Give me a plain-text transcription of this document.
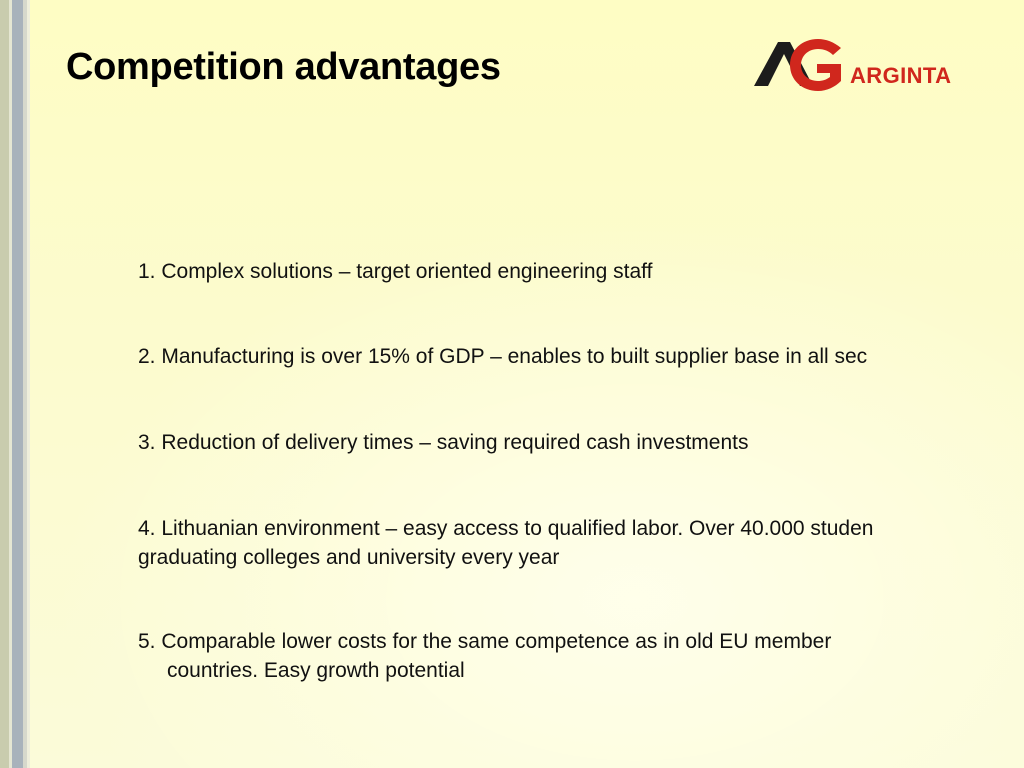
Competition advantages	ARGINTA
1. Complex solutions – target oriented engineering staff
2. Manufacturing is over 15% of GDP – enables to built supplier base in all sec
3. Reduction of delivery times – saving required cash investments
4. Lithuanian environment – easy access to qualified labor. Over 40.000 studen
graduating colleges and university every year
5. Comparable lower costs for the same competence as in old EU member
countries. Easy growth potential
